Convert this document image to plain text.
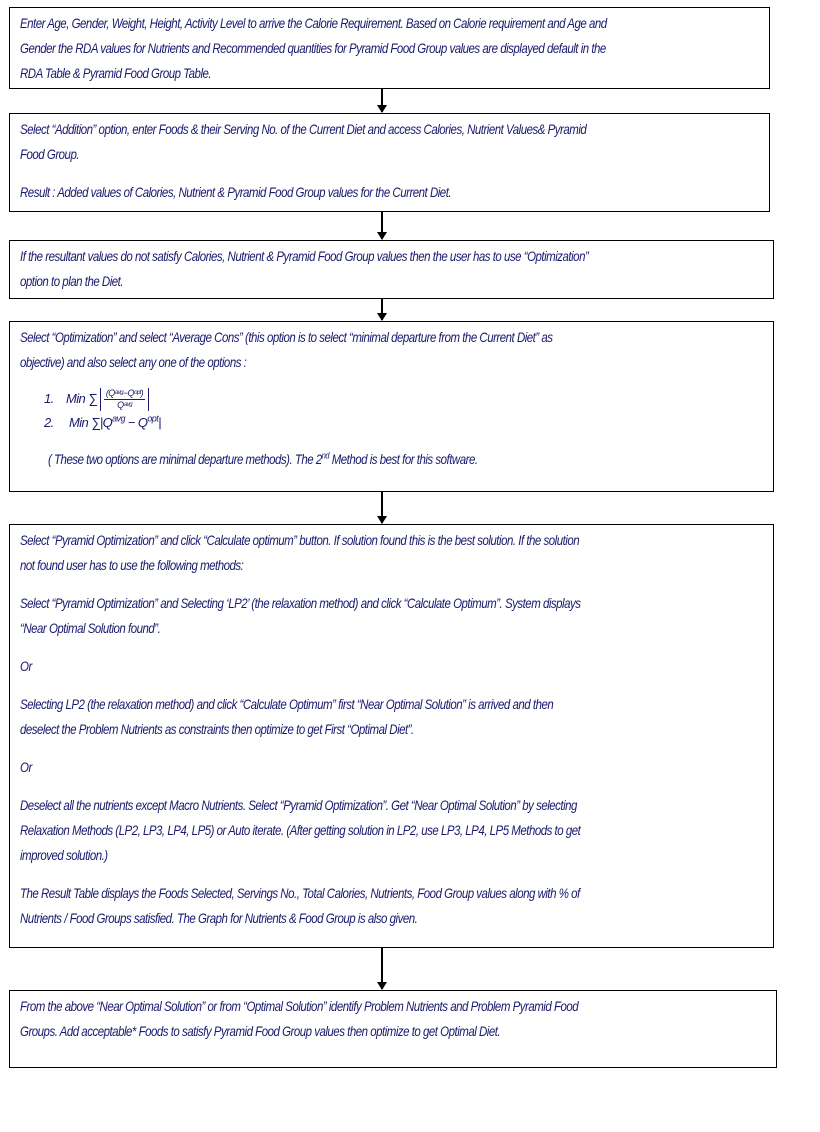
Enter Age, Gender, Weight, Height, Activity Level to arrive the Calorie Requirement. Based on Calorie requirement and Age and

Gender the RDA values for Nutrients and Recommended quantities for Pyramid Food Group values are displayed default in the

RDA Table & Pyramid Food Group Table.

Select “Addition” option, enter Foods & their Serving No. of the Current Diet and access Calories, Nutrient Values& Pyramid

Food Group.

Result : Added values of Calories, Nutrient & Pyramid Food Group values for the Current Diet.

If the resultant values do not satisfy Calories, Nutrient & Pyramid Food Group values then the user has to use “Optimization”

option to plan the Diet.

Select “Optimization” and select “Average Cons” (this option is to select “minimal departure from the Current Diet” as

objective) and also select any one of the options :

1. Min ∑
$\frac{\text{(Qᵃᵛᵍ−Qᵒᵖᵗ)}}{\text{Qᵃᵛᵍ}}$
2. Min $\sum|Q^{avg} - Q^{opt}|$

( These two options are minimal departure methods). The 2nd Method is best for this software.

Select “Pyramid Optimization” and click “Calculate optimum” button. If solution found this is the best solution. If the solution

not found user has to use the following methods:

Select “Pyramid Optimization” and Selecting ‘LP2’ (the relaxation method) and click “Calculate Optimum”. System displays

“Near Optimal Solution found”.

Or

Selecting LP2 (the relaxation method) and click “Calculate Optimum” first “Near Optimal Solution” is arrived and then

deselect the Problem Nutrients as constraints then optimize to get First “Optimal Diet”.

Or

Deselect all the nutrients except Macro Nutrients. Select “Pyramid Optimization”. Get “Near Optimal Solution” by selecting

Relaxation Methods (LP2, LP3, LP4, LP5) or Auto iterate. (After getting solution in LP2, use LP3, LP4, LP5 Methods to get

improved solution.)

The Result Table displays the Foods Selected, Servings No., Total Calories, Nutrients, Food Group values along with % of

Nutrients / Food Groups satisfied. The Graph for Nutrients & Food Group is also given.

From the above “Near Optimal Solution” or from “Optimal Solution” identify Problem Nutrients and Problem Pyramid Food

Groups. Add acceptable* Foods to satisfy Pyramid Food Group values then optimize to get Optimal Diet.
